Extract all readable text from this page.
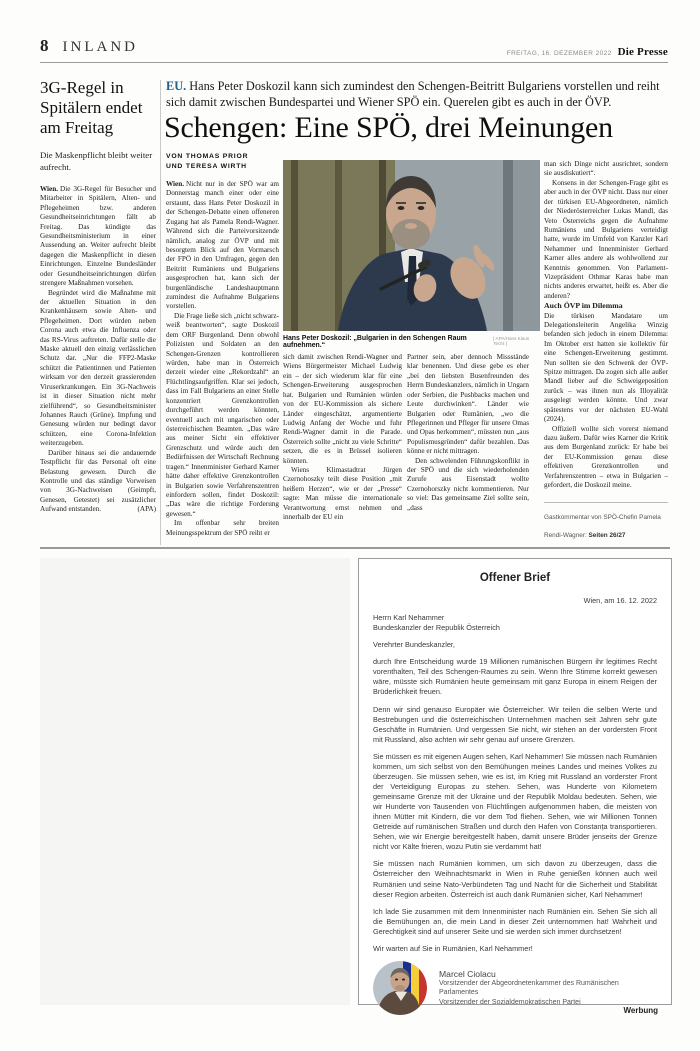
8 INLAND	FREITAG, 16. DEZEMBER 2022 Die Presse
3G-Regel in Spitälern endet am Freitag
Die Maskenpflicht bleibt weiter aufrecht.

Wien. Die 3G-Regel für Besucher und Mitarbeiter in Spitälern, Alten- und Pflegeheimen bzw. anderen Gesundheitseinrichtungen fällt ab Freitag. Das kündigte das Gesundheitsministerium in einer Aussendung an. Weiter aufrecht bleibt dagegen die Maskenpflicht in diesen Einrichtungen. Einzelne Bundesländer oder Gesundheitseinrichtungen dürfen strengere Maßnahmen vorsehen.

Begründet wird die Maßnahme mit der aktuellen Situation in den Krankenhäusern sowie Alten- und Pflegeheimen. Dort würden neben Corona auch etwa die Influenza oder das RS-Virus auftreten. Dafür stelle die Maske aktuell den einzig verlässlichen Schutz dar. „Nur die FFP2-Maske schützt die Patientinnen und Patienten wirksam vor den derzeit grassierenden Viruserkrankungen. Ein 3G-Nachweis ist in dieser Situation nicht mehr zielführend“, so Gesundheitsminister Johannes Rauch (Grüne). Impfung und Genesung würden nur bedingt davor schützen, eine Corona-Infektion weiterzugeben.

Darüber hinaus sei die andauernde Testpflicht für das Personal oft eine Belastung gewesen. Durch die Kontrolle und das ständige Vorweisen von 3G-Nachweisen (Geimpft, Genesen, Getestet) sei zusätzlicher Aufwand entstanden.	(APA)

EU. Hans Peter Doskozil kann sich zumindest den Schengen-Beitritt Bulgariens vorstellen und reiht sich damit zwischen Bundespartei und Wiener SPÖ ein. Querelen gibt es auch in der ÖVP.
Schengen: Eine SPÖ, drei Meinungen
VON THOMAS PRIOR
UND TERESA WIRTH

Wien. Nicht nur in der SPÖ war am Donnerstag manch einer oder eine erstaunt, dass Hans Peter Doskozil in der Schengen-Debatte einen offeneren Zugang hat als Pamela Rendi-Wagner. Während sich die Parteivorsitzende nämlich, analog zur ÖVP und mit besorgtem Blick auf den Vormarsch der FPÖ in den Umfragen, gegen den Beitritt Rumäniens und Bulgariens ausgesprochen hat, kann sich der burgenländische Landeshauptmann zumindest die Aufnahme Bulgariens vorstellen.

Die Frage ließe sich „nicht schwarz-weiß beantworten“, sagte Doskozil dem ORF Burgenland. Denn obwohl Polizisten und Soldaten an den Schengen-Grenzen kontrollieren würden, habe man in Österreich derzeit wieder eine „Rekordzahl“ an Flüchtlingsaufgriffen. Klar sei jedoch, dass im Fall Bulgariens an einer Stelle konzentriert Grenzkontrollen durchgeführt werden könnten, eventuell auch mit ungarischen oder österreichischen Beamten. „Das wäre aus meiner Sicht ein effektiver Grenzschutz und würde auch den Bedürfnissen der Wirtschaft Rechnung tragen.“ Innenminister Gerhard Karner hätte daher effektive Grenzkontrollen in Bulgarien sowie Verfahrenszentren einfordern sollen, findet Doskozil: „Das wäre die richtige Forderung gewesen.“

Im offenbar sehr breiten Meinungsspektrum der SPÖ reiht er

Hans Peter Doskozil: „Bulgarien in den Schengen Raum aufnehmen.“
[ APA/Hans Klaus Techt ]

sich damit zwischen Rendi-Wagner und Wiens Bürgermeister Michael Ludwig ein – der sich wiederum klar für eine Schengen-Erweiterung ausgesprochen hat. Bulgarien und Rumänien würden von der EU-Kommission als sichere Länder eingeschätzt, argumentierte Ludwig Anfang der Woche und fuhr Rendi-Wagner damit in die Parade. Österreich sollte „nicht zu viele Schritte“ setzen, die es in Brüssel isolieren könnten.

Wiens Klimastadtrat Jürgen Czernohoszky teilt diese Position „mit heißem Herzen“, wie er der „Presse“ sagte: Man müsse die internationale Verantwortung ernst nehmen und innerhalb der EU ein

Partner sein, aber dennoch Missstände klar benennen. Und diese gebe es eher „bei den liebsten Busenfreunden des Herrn Bundeskanzlers, nämlich in Ungarn oder Serbien, die Pushbacks machen und Leute durchwinken“. Länder wie Bulgarien oder Rumänien, „wo die Pflegerinnen und Pfleger für unsere Omas und Opas herkommen“, müssten nun „aus Populismusgründen“ dafür bezahlen. Das könne er nicht mittragen.

Den schwelenden Führungskonflikt in der SPÖ und die sich wiederholenden Zurufe aus Eisenstadt wollte Czernohorszky nicht kommentieren. Nur so viel: Das gemeinsame Ziel sollte sein, „dass

man sich Dinge nicht ausrichtet, sondern sie ausdiskutiert“.

Konsens in der Schengen-Frage gibt es aber auch in der ÖVP nicht. Dass nur einer der türkisen EU-Abgeordneten, nämlich der Niederösterreicher Lukas Mandl, das Veto Österreichs gegen die Aufnahme Rumäniens und Bulgariens verteidigt hatte, wurde im Umfeld von Kanzler Karl Nehammer und Innenminister Gerhard Karner alles andere als wohlwollend zur Kenntnis genommen. Von Parlament-Vizepräsident Othmar Karas habe man nichts anderes erwartet, heißt es. Aber die anderen?

Auch ÖVP im Dilemma

Die türkisen Mandatare um Delegationsleiterin Angelika Winzig befanden sich jedoch in einem Dilemma: Im Oktober erst hatten sie kollektiv für eine Schengen-Erweiterung gestimmt. Nun sollten sie den Schwenk der ÖVP-Spitze mittragen. Da zogen sich alle außer Mandl lieber auf die Schweigeposition zurück – was ihnen nun als Illoyalität ausgelegt werden könnte. Und zwar spätestens vor der nächsten EU-Wahl (2024).

Offiziell wollte sich vorerst niemand dazu äußern. Dafür wies Karner die Kritik aus dem Burgenland zurück: Er habe bei der EU-Kommission genau diese effektiven Grenzkontrollen und Verfahrenszentren – etwa in Bulgarien – gefordert, die Doskozil meine.

Gastkommentar von SPÖ-Chefin Pamela Rendi-Wagner: Seiten 26/27
Offener Brief

Wien, am 16. 12. 2022

Herrn Karl Nehammer

Bundeskanzler der Republik Österreich

Verehrter Bundeskanzler,

durch Ihre Entscheidung wurde 19 Millionen rumänischen Bürgern ihr legitimes Recht vorenthalten, Teil des Schengen-Raumes zu sein. Wenn Ihre Stimme korrekt gewesen wäre, müsste sich Rumänien heute gemeinsam mit ganz Europa in einem Reigen der Brüderlichkeit freuen.

Denn wir sind genauso Europäer wie Österreicher. Wir teilen die selben Werte und Bestrebungen und die österreichischen Unternehmen machen seit Jahren sehr gute Geschäfte in Rumänien. Und vergessen Sie nicht, wir stehen an der vordersten Front mit Russland, also achten wir sehr genau auf unsere Grenzen.

Sie müssen es mit eigenen Augen sehen, Karl Nehammer! Sie müssen nach Rumänien kommen, um sich selbst von den Bemühungen meines Landes und meines Volkes zu überzeugen. Sie müssen sehen, wie es ist, im Krieg mit Russland an vorderster Front der Verteidigung Europas zu stehen. Sehen, was Hunderte von Kilometern gemeinsame Grenze mit der Ukraine und der Republik Moldau bedeuten. Sehen, wie wir Hunderte von Tausenden von Flüchtlingen aufgenommen haben, die meisten von ihnen Mütter mit Kindern, die vor dem Tod fliehen. Sehen, wie wir Millionen Tonnen Getreide auf rumänischen Straßen und durch den Hafen von Constanța transportieren. Sehen, wie wir Energie bereitgestellt haben, damit unsere Brüder jenseits der Grenze nicht vor Kälte frieren, wozu Putin sie verdammt hat!

Sie müssen nach Rumänien kommen, um sich davon zu überzeugen, dass die Österreicher den Weihnachtsmarkt in Wien in Ruhe genießen können auch weil Rumänien und seine Nato-Verbündeten Tag und Nacht für die Sicherheit und Stabilität dieser Region arbeiten. Österreich ist auch dank Rumänien sicher, Karl Nehammer!

Ich lade Sie zusammen mit dem Innenminister nach Rumänien ein. Sehen Sie sich all die Bemühungen an, die mein Land in dieser Zeit unternommen hat! Wahrheit und Gerechtigkeit sind auf unserer Seite und sie werden sich immer durchsetzen!

Wir warten auf Sie in Rumänien, Karl Nehammer!

Marcel Ciolacu
Vorsitzender der Abgeordnetenkammer des Rumänischen Parlamentes
Vorsitzender der Sozialdemokratischen Partei
Werbung
